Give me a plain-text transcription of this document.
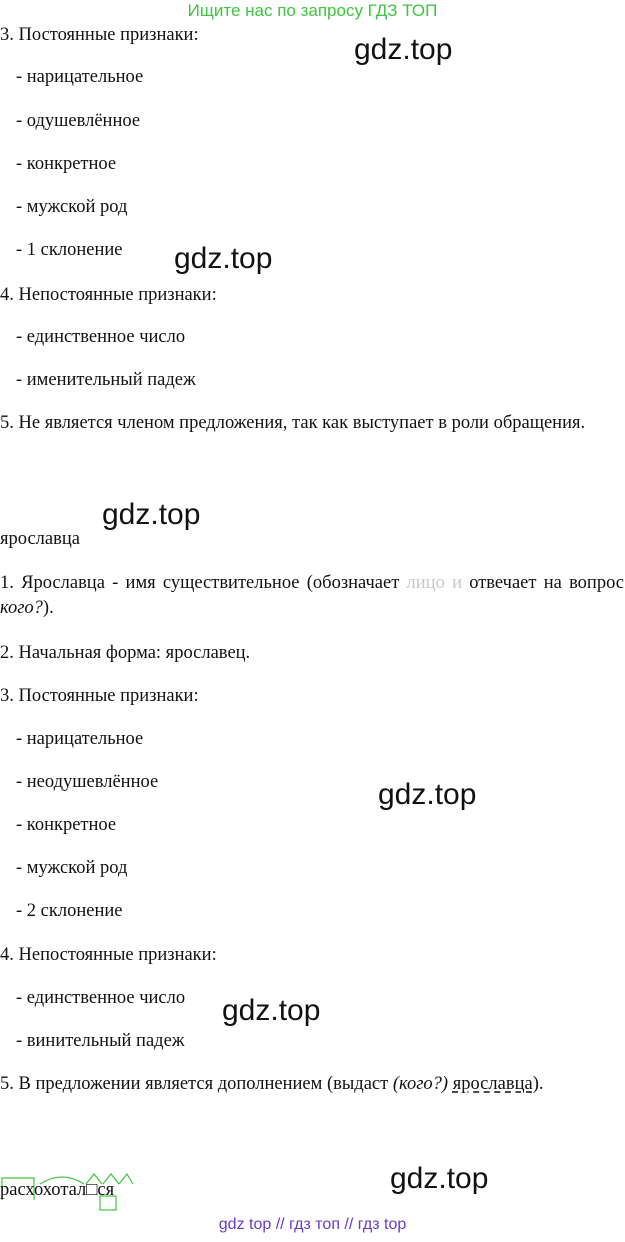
Ищите нас по запросу ГДЗ ТОП
3. Постоянные признаки:
- нарицательное
- одушевлённое
- конкретное
- мужской род
- 1 склонение
4. Непостоянные признаки:
- единственное число
- именительный падеж
5. Не является членом предложения, так как выступает в роли обращения.
ярославца
1. Ярославца - имя существительное (обозначает лицо и отвечает на вопрос кого?).
2. Начальная форма: ярославец.
3. Постоянные признаки:
- нарицательное
- неодушевлённое
- конкретное
- мужской род
- 2 склонение
4. Непостоянные признаки:
- единственное число
- винительный падеж
5. В предложении является дополнением (выдаст (кого?) ярославца).
расхохотал□ся
gdz.top
gdz.top
gdz.top
gdz.top
gdz.top
gdz.top
gdz top // гдз топ // гдз top
